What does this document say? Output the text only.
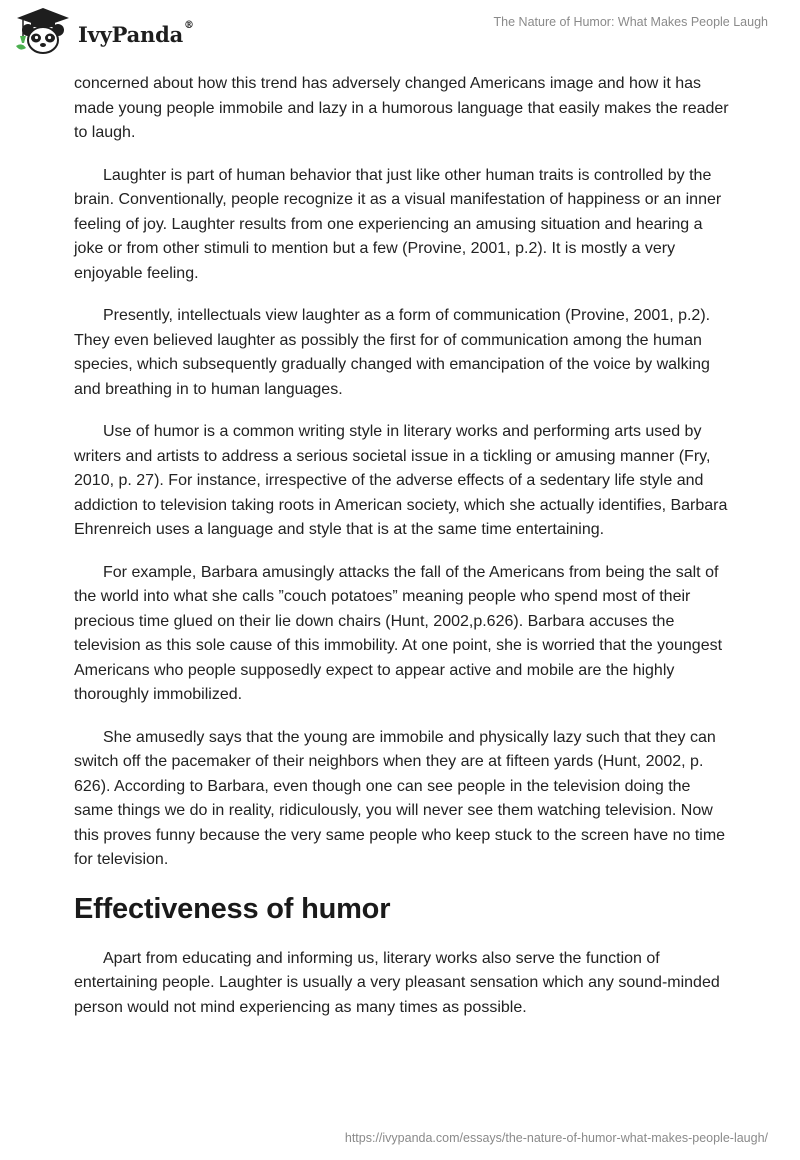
IvyPanda®	The Nature of Humor: What Makes People Laugh

concerned about how this trend has adversely changed Americans image and how it has made young people immobile and lazy in a humorous language that easily makes the reader to laugh.

Laughter is part of human behavior that just like other human traits is controlled by the brain. Conventionally, people recognize it as a visual manifestation of happiness or an inner feeling of joy. Laughter results from one experiencing an amusing situation and hearing a joke or from other stimuli to mention but a few (Provine, 2001, p.2). It is mostly a very enjoyable feeling.

Presently, intellectuals view laughter as a form of communication (Provine, 2001, p.2). They even believed laughter as possibly the first for of communication among the human species, which subsequently gradually changed with emancipation of the voice by walking and breathing in to human languages.

Use of humor is a common writing style in literary works and performing arts used by writers and artists to address a serious societal issue in a tickling or amusing manner (Fry, 2010, p. 27). For instance, irrespective of the adverse effects of a sedentary life style and addiction to television taking roots in American society, which she actually identifies, Barbara Ehrenreich uses a language and style that is at the same time entertaining.

For example, Barbara amusingly attacks the fall of the Americans from being the salt of the world into what she calls ”couch potatoes” meaning people who spend most of their precious time glued on their lie down chairs (Hunt, 2002,p.626). Barbara accuses the television as this sole cause of this immobility. At one point, she is worried that the youngest Americans who people supposedly expect to appear active and mobile are the highly thoroughly immobilized.

She amusedly says that the young are immobile and physically lazy such that they can switch off the pacemaker of their neighbors when they are at fifteen yards (Hunt, 2002, p. 626). According to Barbara, even though one can see people in the television doing the same things we do in reality, ridiculously, you will never see them watching television. Now this proves funny because the very same people who keep stuck to the screen have no time for television.

Effectiveness of humor

Apart from educating and informing us, literary works also serve the function of entertaining people. Laughter is usually a very pleasant sensation which any sound-minded person would not mind experiencing as many times as possible.

https://ivypanda.com/essays/the-nature-of-humor-what-makes-people-laugh/
